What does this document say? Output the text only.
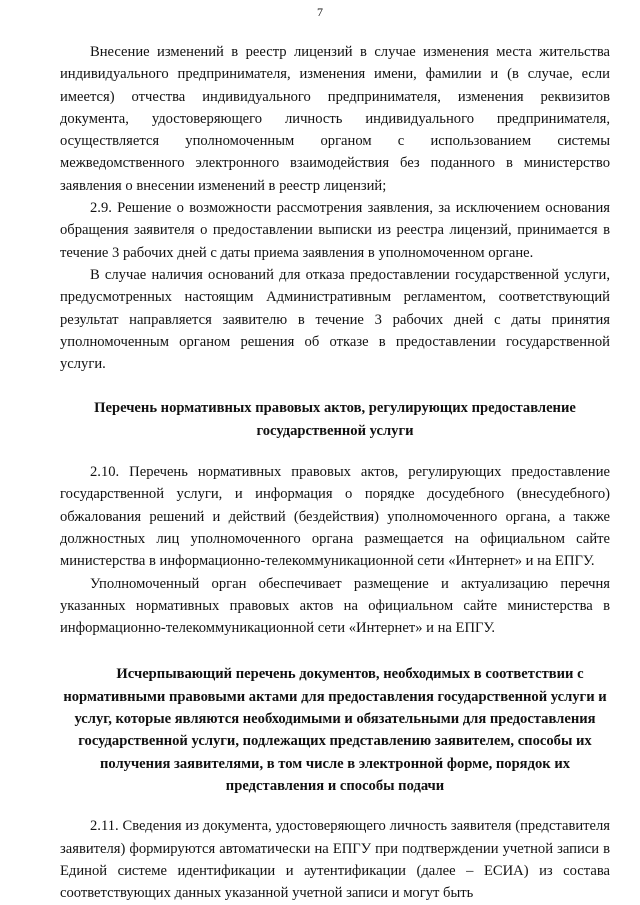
7

Внесение изменений в реестр лицензий в случае изменения места жительства индивидуального предпринимателя, изменения имени, фамилии и (в случае, если имеется) отчества индивидуального предпринимателя, изменения реквизитов документа, удостоверяющего личность индивидуального предпринимателя, осуществляется уполномоченным органом с использованием системы межведомственного электронного взаимодействия без поданного в министерство заявления о внесении изменений в реестр лицензий;

2.9. Решение о возможности рассмотрения заявления, за исключением основания обращения заявителя о предоставлении выписки из реестра лицензий, принимается в течение 3 рабочих дней с даты приема заявления в уполномоченном органе.

В случае наличия оснований для отказа предоставлении государственной услуги, предусмотренных настоящим Административным регламентом, соответствующий результат направляется заявителю в течение 3 рабочих дней с даты принятия уполномоченным органом решения об отказе в предоставлении государственной услуги.

Перечень нормативных правовых актов, регулирующих предоставление государственной услуги

2.10. Перечень нормативных правовых актов, регулирующих предоставление государственной услуги, и информация о порядке досудебного (внесудебного) обжалования решений и действий (бездействия) уполномоченного органа, а также должностных лиц уполномоченного органа размещается на официальном сайте министерства в информационно-телекоммуникационной сети «Интернет» и на ЕПГУ.

Уполномоченный орган обеспечивает размещение и актуализацию перечня указанных нормативных правовых актов на официальном сайте министерства в информационно-телекоммуникационной сети «Интернет» и на ЕПГУ.

Исчерпывающий перечень документов, необходимых в соответствии с нормативными правовыми актами для предоставления государственной услуги и услуг, которые являются необходимыми и обязательными для предоставления государственной услуги, подлежащих представлению заявителем, способы их получения заявителями, в том числе в электронной форме, порядок их представления и способы подачи

2.11. Сведения из документа, удостоверяющего личность заявителя (представителя заявителя) формируются автоматически на ЕПГУ при подтверждении учетной записи в Единой системе идентификации и аутентификации (далее – ЕСИА) из состава соответствующих данных указанной учетной записи и могут быть
